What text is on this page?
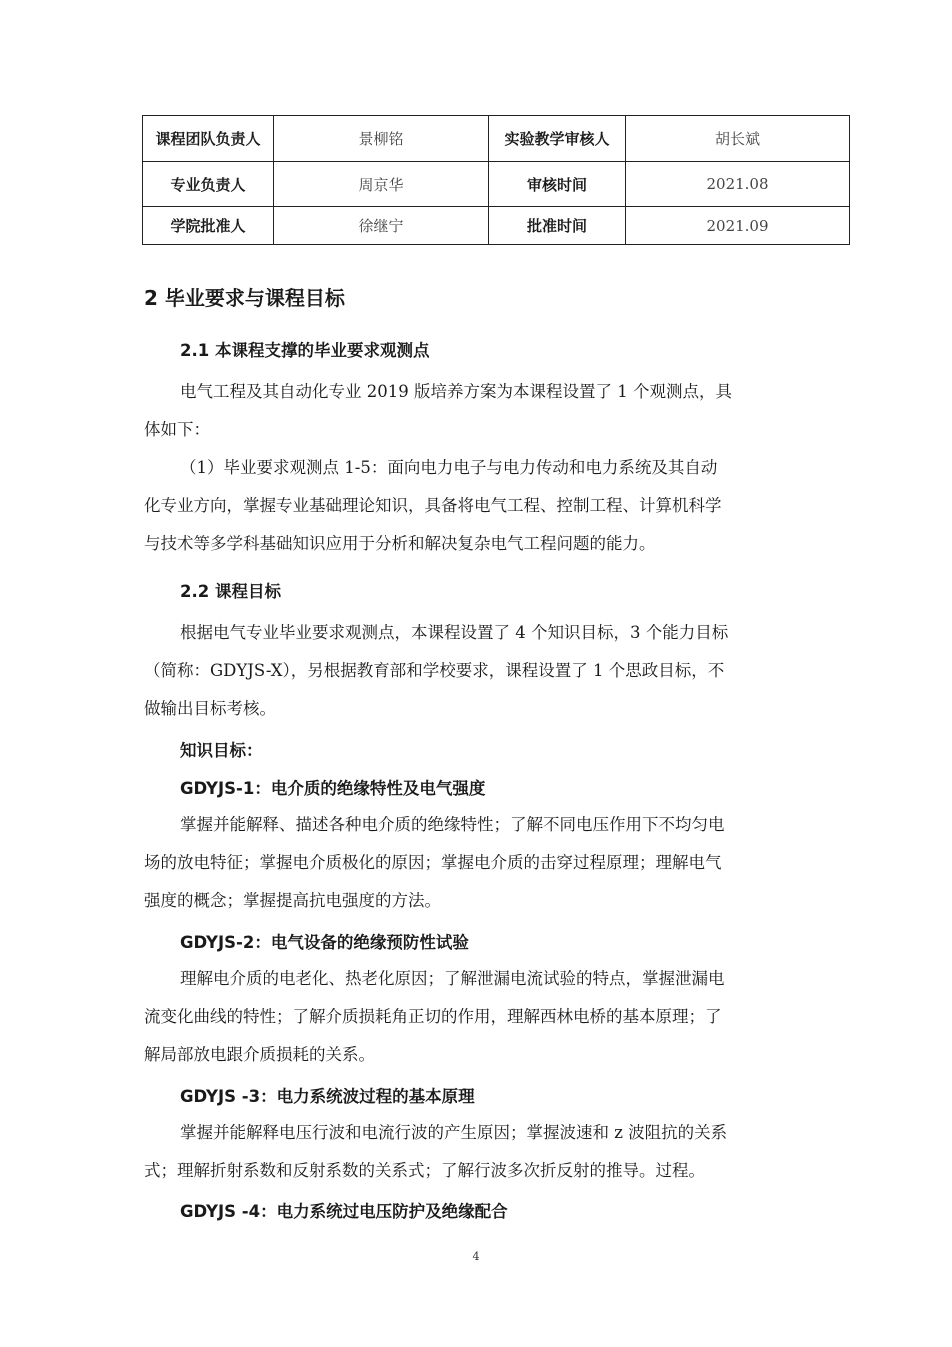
课程团队负责人	景柳铭	实验教学审核人	胡长斌
专业负责人	周京华	审核时间	2021.08
学院批准人	徐继宁	批准时间	2021.09
2 毕业要求与课程目标
2.1 本课程支撑的毕业要求观测点
电气工程及其自动化专业 2019 版培养方案为本课程设置了 1 个观测点，具
体如下：
（1）毕业要求观测点 1-5：面向电力电子与电力传动和电力系统及其自动
化专业方向，掌握专业基础理论知识，具备将电气工程、控制工程、计算机科学
与技术等多学科基础知识应用于分析和解决复杂电气工程问题的能力。
2.2 课程目标
根据电气专业毕业要求观测点，本课程设置了 4 个知识目标，3 个能力目标
（简称：GDYJS-X），另根据教育部和学校要求，课程设置了 1 个思政目标，不
做输出目标考核。
知识目标：
GDYJS-1：电介质的绝缘特性及电气强度
掌握并能解释、描述各种电介质的绝缘特性；了解不同电压作用下不均匀电
场的放电特征；掌握电介质极化的原因；掌握电介质的击穿过程原理；理解电气
强度的概念；掌握提高抗电强度的方法。
GDYJS-2：电气设备的绝缘预防性试验
理解电介质的电老化、热老化原因；了解泄漏电流试验的特点，掌握泄漏电
流变化曲线的特性；了解介质损耗角正切的作用，理解西林电桥的基本原理；了
解局部放电跟介质损耗的关系。
GDYJS -3：电力系统波过程的基本原理
掌握并能解释电压行波和电流行波的产生原因；掌握波速和 z 波阻抗的关系
式；理解折射系数和反射系数的关系式；了解行波多次折反射的推导。过程。
GDYJS -4：电力系统过电压防护及绝缘配合
4
